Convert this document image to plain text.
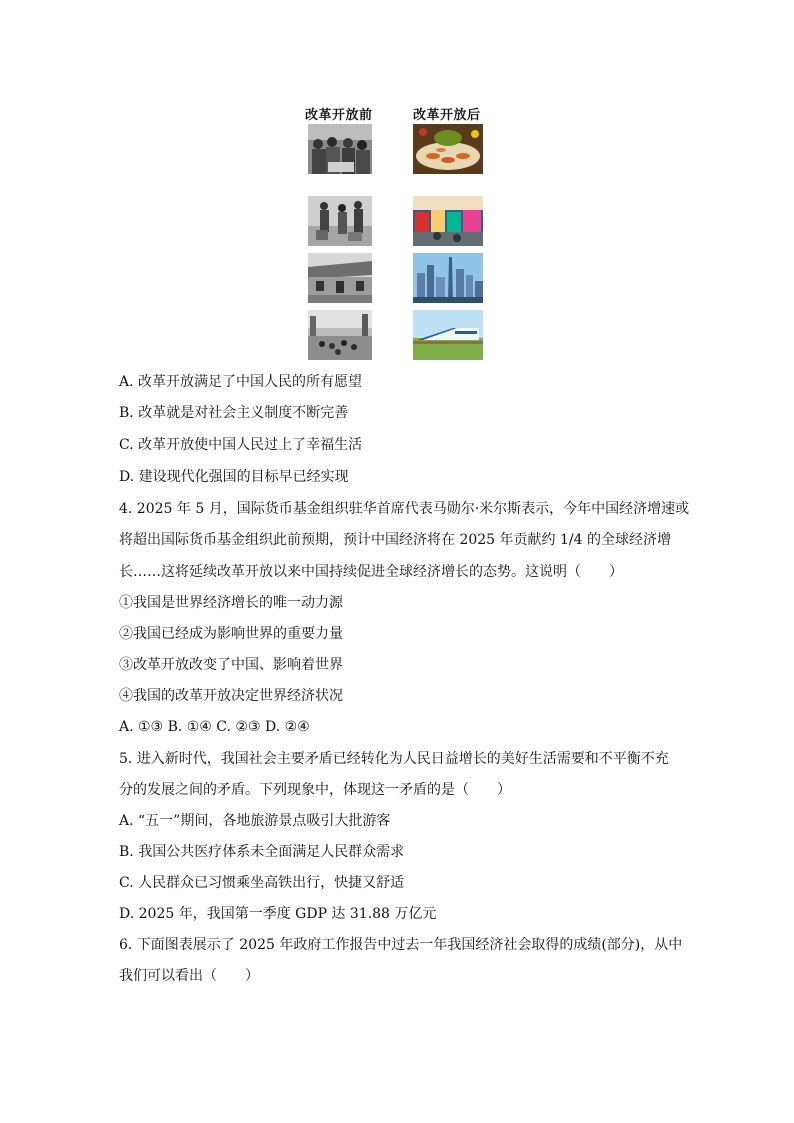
改革开放前	改革开放后
A. 改革开放满足了中国人民的所有愿望
B. 改革就是对社会主义制度不断完善
C. 改革开放使中国人民过上了幸福生活
D. 建设现代化强国的目标早已经实现
4. 2025 年 5 月，国际货币基金组织驻华首席代表马勋尔·米尔斯表示，今年中国经济增速或
将超出国际货币基金组织此前预期，预计中国经济将在 2025 年贡献约 1/4 的全球经济增
长……这将延续改革开放以来中国持续促进全球经济增长的态势。这说明（　　）
①我国是世界经济增长的唯一动力源
②我国已经成为影响世界的重要力量
③改革开放改变了中国、影响着世界
④我国的改革开放决定世界经济状况
A. ①③ B. ①④ C. ②③ D. ②④
5. 进入新时代，我国社会主要矛盾已经转化为人民日益增长的美好生活需要和不平衡不充
分的发展之间的矛盾。下列现象中，体现这一矛盾的是（　　）
A. “五一”期间，各地旅游景点吸引大批游客
B. 我国公共医疗体系未全面满足人民群众需求
C. 人民群众已习惯乘坐高铁出行，快捷又舒适
D. 2025 年，我国第一季度 GDP 达 31.88 万亿元
6. 下面图表展示了 2025 年政府工作报告中过去一年我国经济社会取得的成绩(部分)，从中
我们可以看出（　　）
